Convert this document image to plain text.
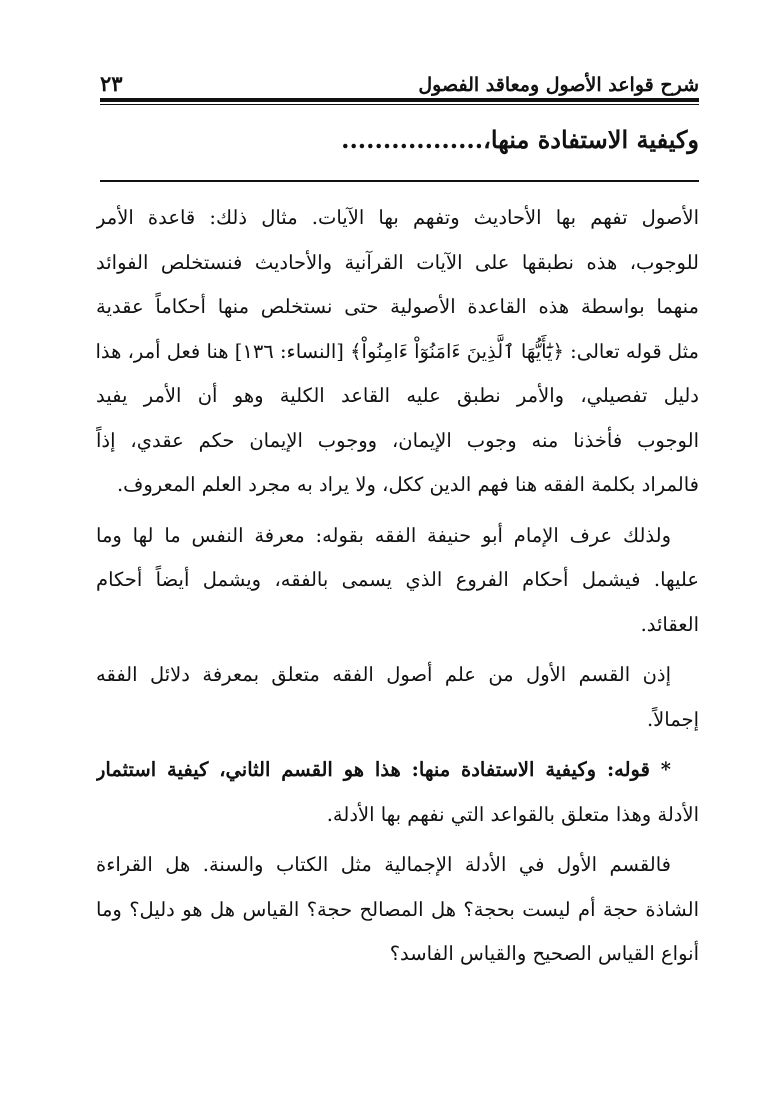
شرح قواعد الأصول ومعاقد الفصول
٢٣
وكيفية الاستفادة منها،.................

الأصول تفهم بها الأحاديث وتفهم بها الآيات. مثال ذلك: قاعدة الأمر
للوجوب، هذه نطبقها على الآيات القرآنية والأحاديث فنستخلص الفوائد
منهما بواسطة هذه القاعدة الأصولية حتى نستخلص منها أحكاماً عقدية
مثل قوله تعالى: ﴿يَٰٓأَيُّهَا ٱلَّذِينَ ءَامَنُوٓاْ ءَامِنُواْ﴾ [النساء: ١٣٦] هنا فعل أمر، هذا
دليل تفصيلي، والأمر نطبق عليه القاعد الكلية وهو أن الأمر يفيد
الوجوب فأخذنا منه وجوب الإيمان، ووجوب الإيمان حكم عقدي، إذاً
فالمراد بكلمة الفقه هنا فهم الدين ككل، ولا يراد به مجرد العلم المعروف.

ولذلك عرف الإمام أبو حنيفة الفقه بقوله: معرفة النفس ما لها وما
عليها. فيشمل أحكام الفروع الذي يسمى بالفقه، ويشمل أيضاً أحكام
العقائد.

إذن القسم الأول من علم أصول الفقه متعلق بمعرفة دلائل الفقه
إجمالاً.

* قوله: وكيفية الاستفادة منها: هذا هو القسم الثاني، كيفية استثمار
الأدلة وهذا متعلق بالقواعد التي نفهم بها الأدلة.

فالقسم الأول في الأدلة الإجمالية مثل الكتاب والسنة. هل القراءة
الشاذة حجة أم ليست بحجة؟ هل المصالح حجة؟ القياس هل هو دليل؟ وما
أنواع القياس الصحيح والقياس الفاسد؟
